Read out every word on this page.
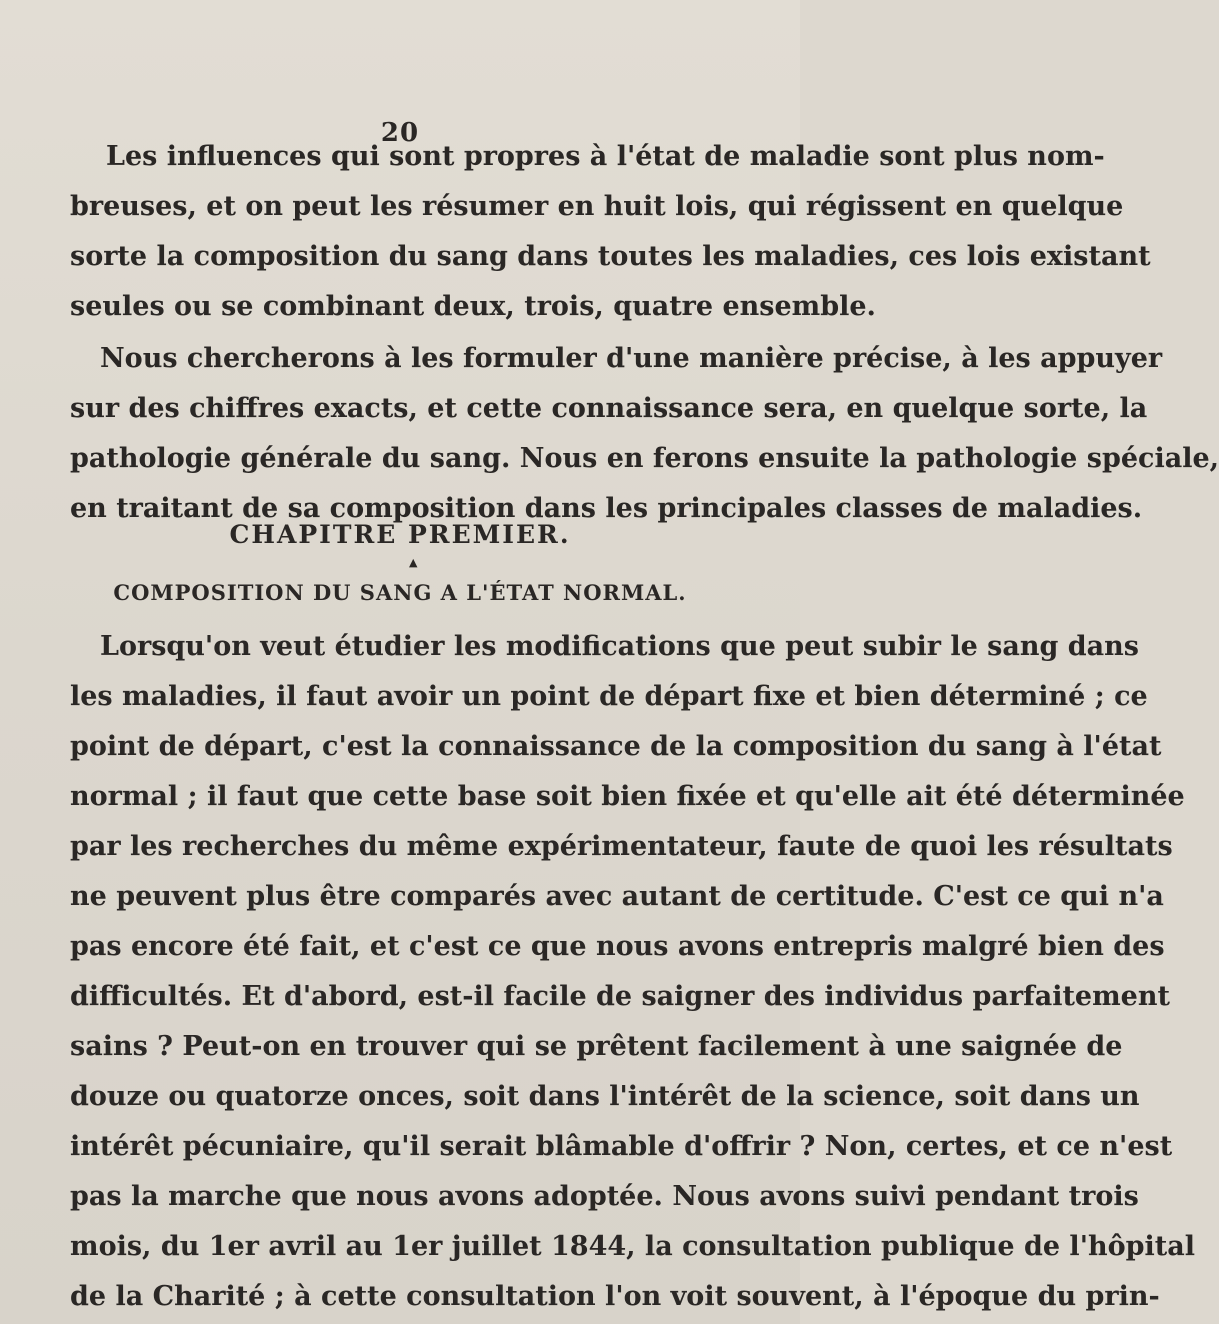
20
Les influences qui sont propres à l'état de maladie sont plus nom-
breuses, et on peut les résumer en huit lois, qui régissent en quelque
sorte la composition du sang dans toutes les maladies, ces lois existant
seules ou se combinant deux, trois, quatre ensemble.
Nous chercherons à les formuler d'une manière précise, à les appuyer
sur des chiffres exacts, et cette connaissance sera, en quelque sorte, la
pathologie générale du sang. Nous en ferons ensuite la pathologie spéciale,
en traitant de sa composition dans les principales classes de maladies.
CHAPITRE PREMIER.
▲
COMPOSITION DU SANG A L'ÉTAT NORMAL.
Lorsqu'on veut étudier les modifications que peut subir le sang dans
les maladies, il faut avoir un point de départ fixe et bien déterminé ; ce
point de départ, c'est la connaissance de la composition du sang à l'état
normal ; il faut que cette base soit bien fixée et qu'elle ait été déterminée
par les recherches du même expérimentateur, faute de quoi les résultats
ne peuvent plus être comparés avec autant de certitude. C'est ce qui n'a
pas encore été fait, et c'est ce que nous avons entrepris malgré bien des
difficultés. Et d'abord, est-il facile de saigner des individus parfaitement
sains ? Peut-on en trouver qui se prêtent facilement à une saignée de
douze ou quatorze onces, soit dans l'intérêt de la science, soit dans un
intérêt pécuniaire, qu'il serait blâmable d'offrir ? Non, certes, et ce n'est
pas la marche que nous avons adoptée. Nous avons suivi pendant trois
mois, du 1er avril au 1er juillet 1844, la consultation publique de l'hôpital
de la Charité ; à cette consultation l'on voit souvent, à l'époque du prin-
